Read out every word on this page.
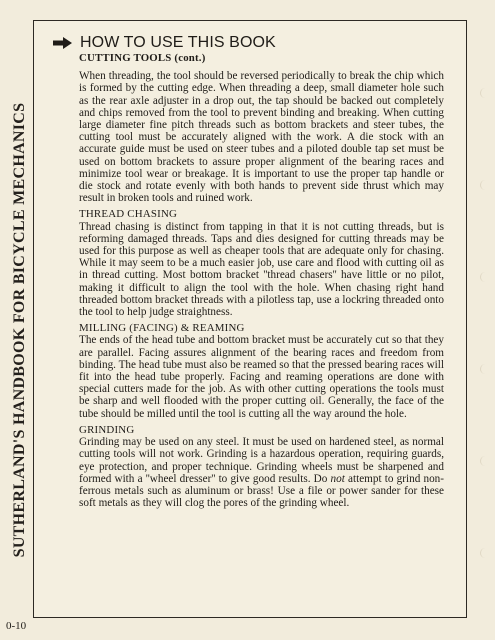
SUTHERLAND'S HANDBOOK FOR BICYCLE MECHANICS
HOW TO USE THIS BOOK
CUTTING TOOLS (cont.)

When threading, the tool should be reversed periodically to break the chip which is formed by the cutting edge. When threading a deep, small diameter hole such as the rear axle adjuster in a drop out, the tap should be backed out completely and chips removed from the tool to prevent binding and breaking. When cutting large diameter fine pitch threads such as bottom brackets and steer tubes, the cutting tool must be accurately aligned with the work. A die stock with an accurate guide must be used on steer tubes and a piloted double tap set must be used on bottom brackets to assure proper alignment of the bearing races and minimize tool wear or breakage. It is important to use the proper tap handle or die stock and rotate evenly with both hands to prevent side thrust which may result in broken tools and ruined work.

THREAD CHASING

Thread chasing is distinct from tapping in that it is not cutting threads, but is reforming damaged threads. Taps and dies designed for cutting threads may be used for this purpose as well as cheaper tools that are adequate only for chasing. While it may seem to be a much easier job, use care and flood with cutting oil as in thread cutting. Most bottom bracket ''thread chasers'' have little or no pilot, making it difficult to align the tool with the hole. When chasing right hand threaded bottom bracket threads with a pilotless tap, use a lockring threaded onto the tool to help judge straightness.

MILLING (FACING) & REAMING

The ends of the head tube and bottom bracket must be accurately cut so that they are parallel. Facing assures alignment of the bearing races and freedom from binding. The head tube must also be reamed so that the pressed bearing races will fit into the head tube properly. Facing and reaming operations are done with special cutters made for the job. As with other cutting operations the tools must be sharp and well flooded with the proper cutting oil. Generally, the face of the tube should be milled until the tool is cutting all the way around the hole.

GRINDING

Grinding may be used on any steel. It must be used on hardened steel, as normal cutting tools will not work. Grinding is a hazardous operation, requiring guards, eye protection, and proper technique. Grinding wheels must be sharpened and formed with a ''wheel dresser'' to give good results. Do not attempt to grind non-ferrous metals such as aluminum or brass! Use a file or power sander for these soft metals as they will clog the pores of the grinding wheel.

0-10
